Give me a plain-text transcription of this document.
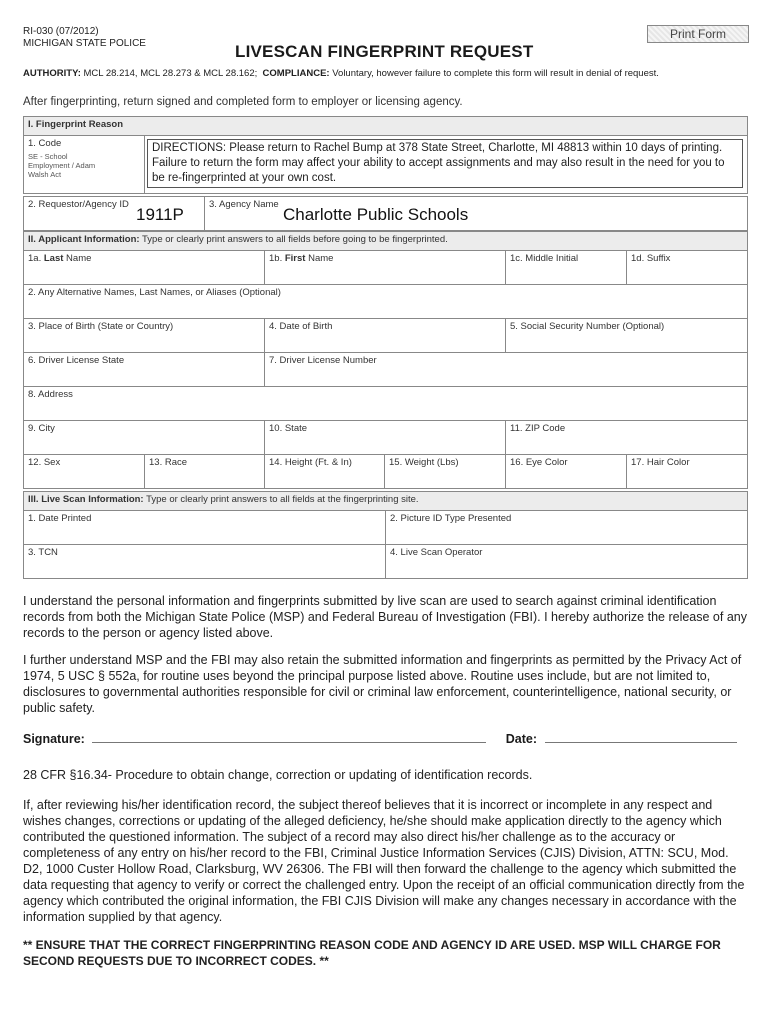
RI-030 (07/2012)
MICHIGAN STATE POLICE	LIVESCAN FINGERPRINT REQUEST
Print Form
AUTHORITY: MCL 28.214, MCL 28.273 & MCL 28.162; COMPLIANCE: Voluntary, however failure to complete this form will result in denial of request.
After fingerprinting, return signed and completed form to employer or licensing agency.
I. Fingerprint Reason

1. Code
SE - School Employment / Adam Walsh Act

DIRECTIONS: Please return to Rachel Bump at 378 State Street, Charlotte, MI 48813 within 10 days of printing. Failure to return the form may affect your ability to accept assignments and may also result in the need for you to be re-fingerprinted at your own cost.
2. Requestor/Agency ID
1911P
	3. Agency Name
Charlotte Public Schools
II. Applicant Information: Type or clearly print answers to all fields before going to be fingerprinted.					
1a. Last Name		1b. First Name		1c. Middle Initial	1d. Suffix
2. Any Alternative Names, Last Names, or Aliases (Optional)					
3. Place of Birth (State or Country)		4. Date of Birth		5. Social Security Number (Optional)	
6. Driver License State		7. Driver License Number			
8. Address					
9. City		10. State		11. ZIP Code	
12. Sex	13. Race	14. Height (Ft. & In)	15. Weight (Lbs)	16. Eye Color	17. Hair Color
III. Live Scan Information: Type or clearly print answers to all fields at the fingerprinting site.	
1. Date Printed	2. Picture ID Type Presented
3. TCN	4. Live Scan Operator
I understand the personal information and fingerprints submitted by live scan are used to search against criminal identification records from both the Michigan State Police (MSP) and Federal Bureau of Investigation (FBI). I hereby authorize the release of any records to the person or agency listed above.
I further understand MSP and the FBI may also retain the submitted information and fingerprints as permitted by the Privacy Act of 1974, 5 USC § 552a, for routine uses beyond the principal purpose listed above. Routine uses include, but are not limited to, disclosures to governmental authorities responsible for civil or criminal law enforcement, counterintelligence, national security, or public safety.
Signature:	Date:
28 CFR §16.34- Procedure to obtain change, correction or updating of identification records.
If, after reviewing his/her identification record, the subject thereof believes that it is incorrect or incomplete in any respect and wishes changes, corrections or updating of the alleged deficiency, he/she should make application directly to the agency which contributed the questioned information. The subject of a record may also direct his/her challenge as to the accuracy or completeness of any entry on his/her record to the FBI, Criminal Justice Information Services (CJIS) Division, ATTN: SCU, Mod. D2, 1000 Custer Hollow Road, Clarksburg, WV 26306. The FBI will then forward the challenge to the agency which submitted the data requesting that agency to verify or correct the challenged entry. Upon the receipt of an official communication directly from the agency which contributed the original information, the FBI CJIS Division will make any changes necessary in accordance with the information supplied by that agency.
** ENSURE THAT THE CORRECT FINGERPRINTING REASON CODE AND AGENCY ID ARE USED. MSP WILL CHARGE FOR SECOND REQUESTS DUE TO INCORRECT CODES. **
